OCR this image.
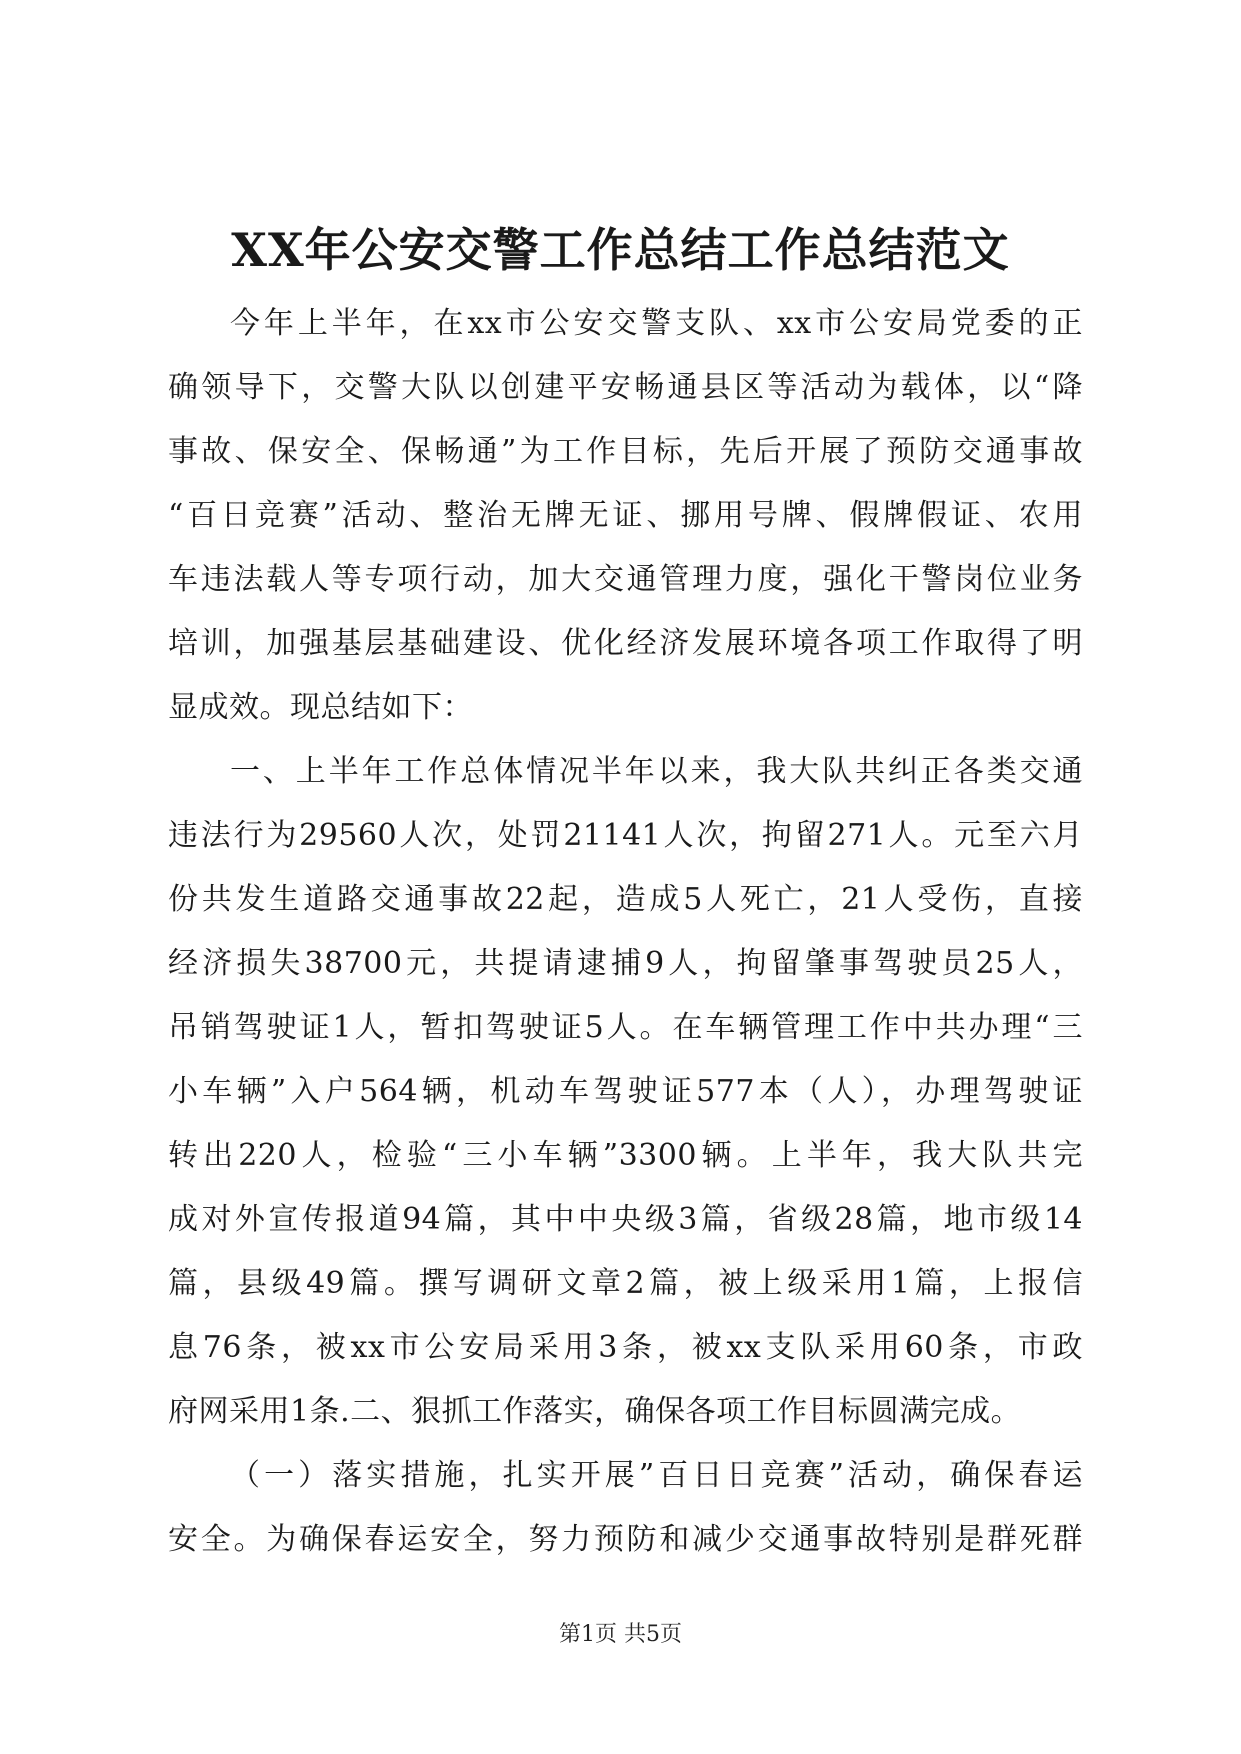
XX年公安交警工作总结工作总结范文
今年上半年，在xx市公安交警支队、xx市公安局党委的正
确领导下，交警大队以创建平安畅通县区等活动为载体，以“降
事故、保安全、保畅通”为工作目标，先后开展了预防交通事故
“百日竞赛”活动、整治无牌无证、挪用号牌、假牌假证、农用
车违法载人等专项行动，加大交通管理力度，强化干警岗位业务
培训，加强基层基础建设、优化经济发展环境各项工作取得了明
显成效。现总结如下：
一、上半年工作总体情况半年以来，我大队共纠正各类交通
违法行为29560人次，处罚21141人次，拘留271人。元至六月
份共发生道路交通事故22起，造成5人死亡，21人受伤，直接
经济损失38700元，共提请逮捕9人，拘留肇事驾驶员25人，
吊销驾驶证1人，暂扣驾驶证5人。在车辆管理工作中共办理“三
小车辆”入户564辆，机动车驾驶证577本（人），办理驾驶证
转出220人，检验“三小车辆”3300辆。上半年，我大队共完
成对外宣传报道94篇，其中中央级3篇，省级28篇，地市级14
篇，县级49篇。撰写调研文章2篇，被上级采用1篇，上报信
息76条，被xx市公安局采用3条，被xx支队采用60条，市政
府网采用1条.二、狠抓工作落实，确保各项工作目标圆满完成。
（一）落实措施，扎实开展”百日日竞赛”活动，确保春运
安全。为确保春运安全，努力预防和减少交通事故特别是群死群
第1页 共5页
